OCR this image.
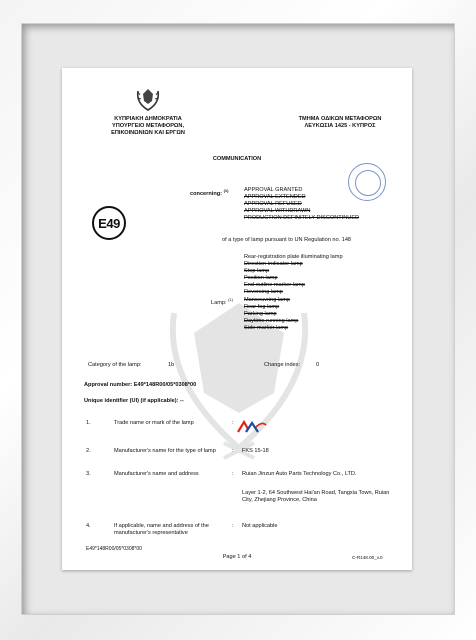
ΚΥΠΡΙΑΚΗ ΔΗΜΟΚΡΑΤΙΑ
ΥΠΟΥΡΓΕΙΟ ΜΕΤΑΦΟΡΩΝ,
ΕΠΙΚΟΙΝΩΝΙΩΝ ΚΑΙ ΕΡΓΩΝ
ΤΜΗΜΑ ΟΔΙΚΩΝ ΜΕΤΑΦΟΡΩΝ
ΛΕΥΚΩΣΙΑ 1425 - ΚΥΠΡΟΣ
COMMUNICATION
E49
concerning: $^{(1)}$	APPROVAL GRANTED
APPROVAL EXTENDED
APPROVAL REFUSED
APPROVAL WITHDRAWN
PRODUCTION DEFINITELY DISCONTINUED
of a type of lamp pursuant to UN Regulation no. 148
Rear-registration plate illuminating lamp
Direction-indicator lamp
Stop lamp
Position lamp
End-outline marker lamp
Reversing lamp
Manoeuvring lamp
Rear fog lamp
Parking lamp
Daytime running lamp
Side-marker lamp
Lamp: $^{(1)}$
Category of the lamp:	1b	Change index:	0
Approval number: E49*148R00/05*0308*00
Unique identifier (UI) (if applicable): --
1.	Trade name or mark of the lamp	:
2.	Manufacturer's name for the type of lamp	: FKS 15-18
3.	Manufacturer's name and address	: Ruian Jinzun Auto Parts Technology Co., LTD.
Layer 1-2, 64 Southwest Hai'an Road, Tangxia Town, Ruian City, Zhejiang Province, China
4.	If applicable, name and address of the manufacturer's representative
: Not applicable
E49*148R00/05*0308*00
Page 1 of 4	C-R148.00_v.0
